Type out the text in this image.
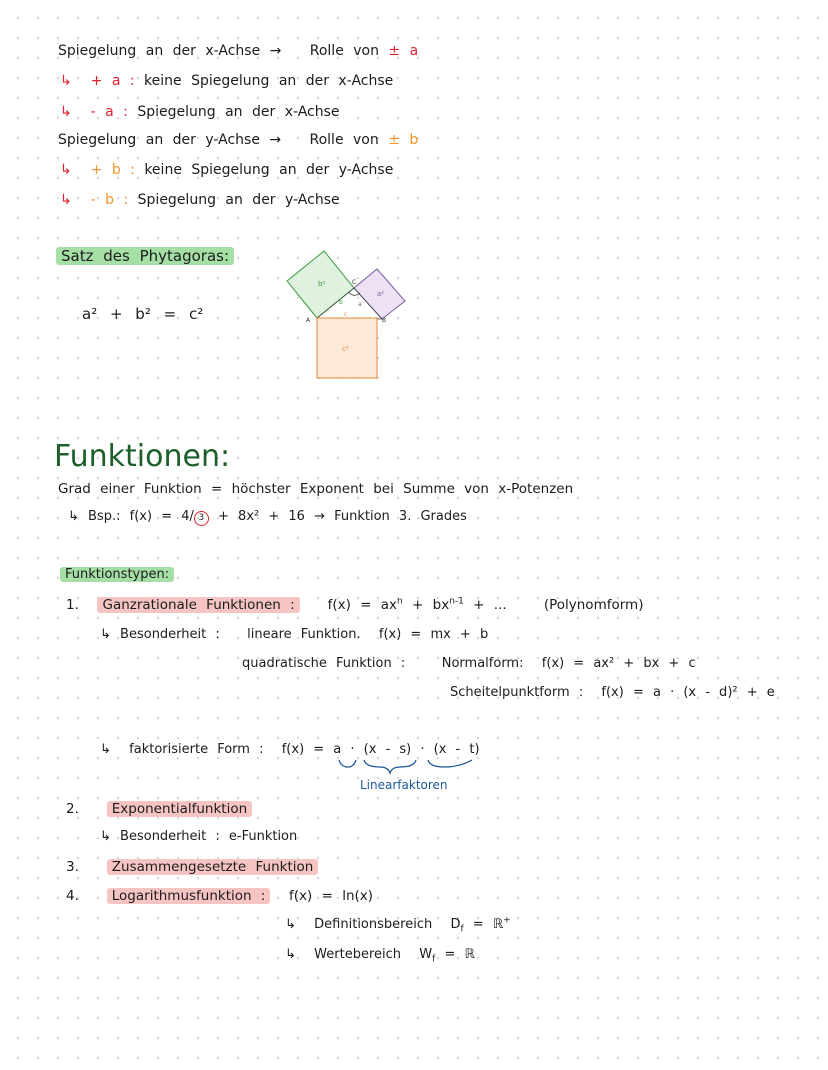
Spiegelung an der x-Achse → Rolle von ± a
↳ + a : keine Spiegelung an der x-Achse
↳ - a : Spiegelung an der x-Achse
Spiegelung an der y-Achse → Rolle von ± b
↳ + b : keine Spiegelung an der y-Achse
↳ - b : Spiegelung an der y-Achse
Satz des Phytagoras:
a² + b² = c²
b²
a²
c²
A	B
C
a
b
c
Funktionen:
Grad einer Funktion = höchster Exponent bei Summe von x-Potenzen
↳ Bsp.: f(x) = 4/ 3 + 8x² + 16 → Funktion 3. Grades
Funktionstypen:
1. Ganzrationale Funktionen : $f(x) = ax^n + bx^{n-1}$ + ...	(Polynomform)
↳ Besonderheit : lineare Funktion. f(x) = mx + b
quadratische Funktion :	Normalform: f(x) = ax² + bx + c
Scheitelpunktform : f(x) = a · (x - d)² + e
↳ faktorisierte Form : f(x) = a · (x - s) · (x - t)
Linearfaktoren
2. Exponentialfunktion
↳ Besonderheit : e-Funktion
3. Zusammengesetzte Funktion
4. Logarithmusfunktion : f(x) = ln(x)
↳ Definitionsbereich $D_f$ = ℝ+
↳ Wertebereich $W_f$ = ℝ
